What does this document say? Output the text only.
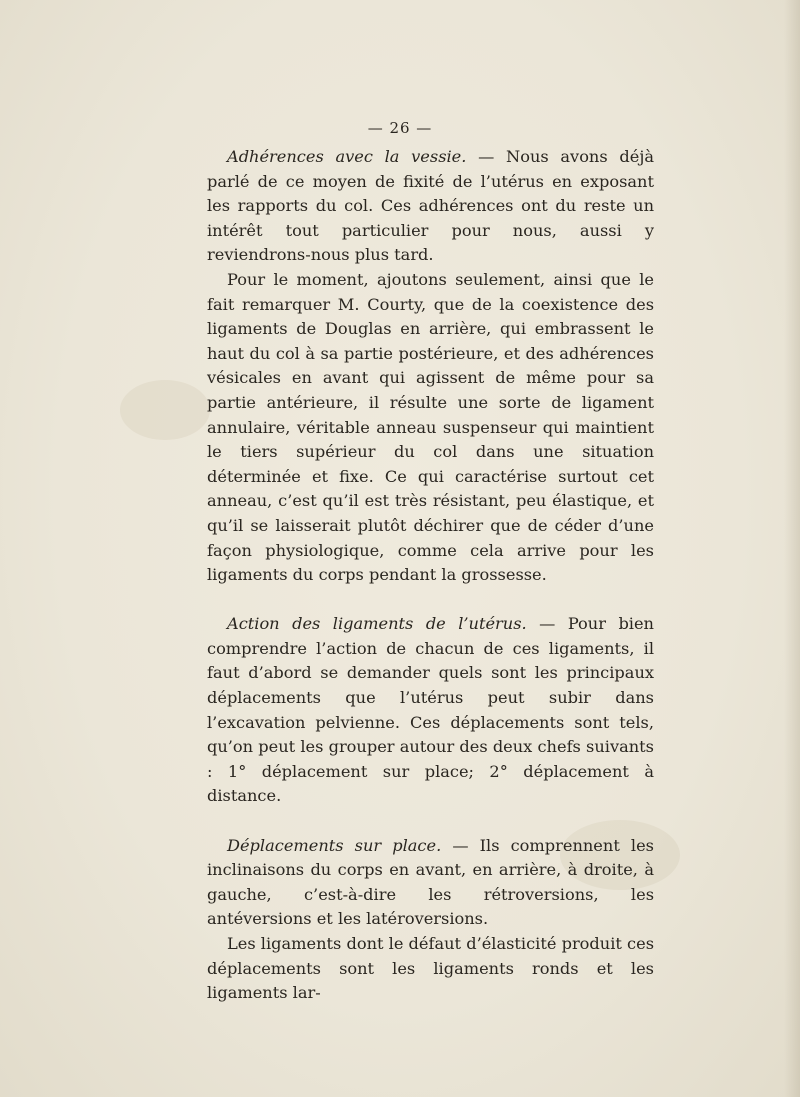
— 26 —

Adhérences avec la vessie. — Nous avons déjà parlé de ce moyen de fixité de l’utérus en exposant les rapports du col. Ces adhérences ont du reste un intérêt tout particulier pour nous, aussi y reviendrons-nous plus tard.

Pour le moment, ajoutons seulement, ainsi que le fait remarquer M. Courty, que de la coexistence des ligaments de Douglas en arrière, qui embrassent le haut du col à sa partie postérieure, et des adhérences vésicales en avant qui agissent de même pour sa partie antérieure, il résulte une sorte de ligament annulaire, véritable anneau suspenseur qui maintient le tiers supérieur du col dans une situation déterminée et fixe. Ce qui caractérise surtout cet anneau, c’est qu’il est très résistant, peu élastique, et qu’il se laisserait plutôt déchirer que de céder d’une façon physiologique, comme cela arrive pour les ligaments du corps pendant la grossesse.

Action des ligaments de l’utérus. — Pour bien comprendre l’action de chacun de ces ligaments, il faut d’abord se demander quels sont les principaux déplacements que l’utérus peut subir dans l’excavation pelvienne. Ces déplacements sont tels, qu’on peut les grouper autour des deux chefs suivants : 1° déplacement sur place; 2° déplacement à distance.

Déplacements sur place. — Ils comprennent les inclinaisons du corps en avant, en arrière, à droite, à gauche, c’est-à-dire les rétroversions, les antéversions et les latéroversions.

Les ligaments dont le défaut d’élasticité produit ces déplacements sont les ligaments ronds et les ligaments lar-
